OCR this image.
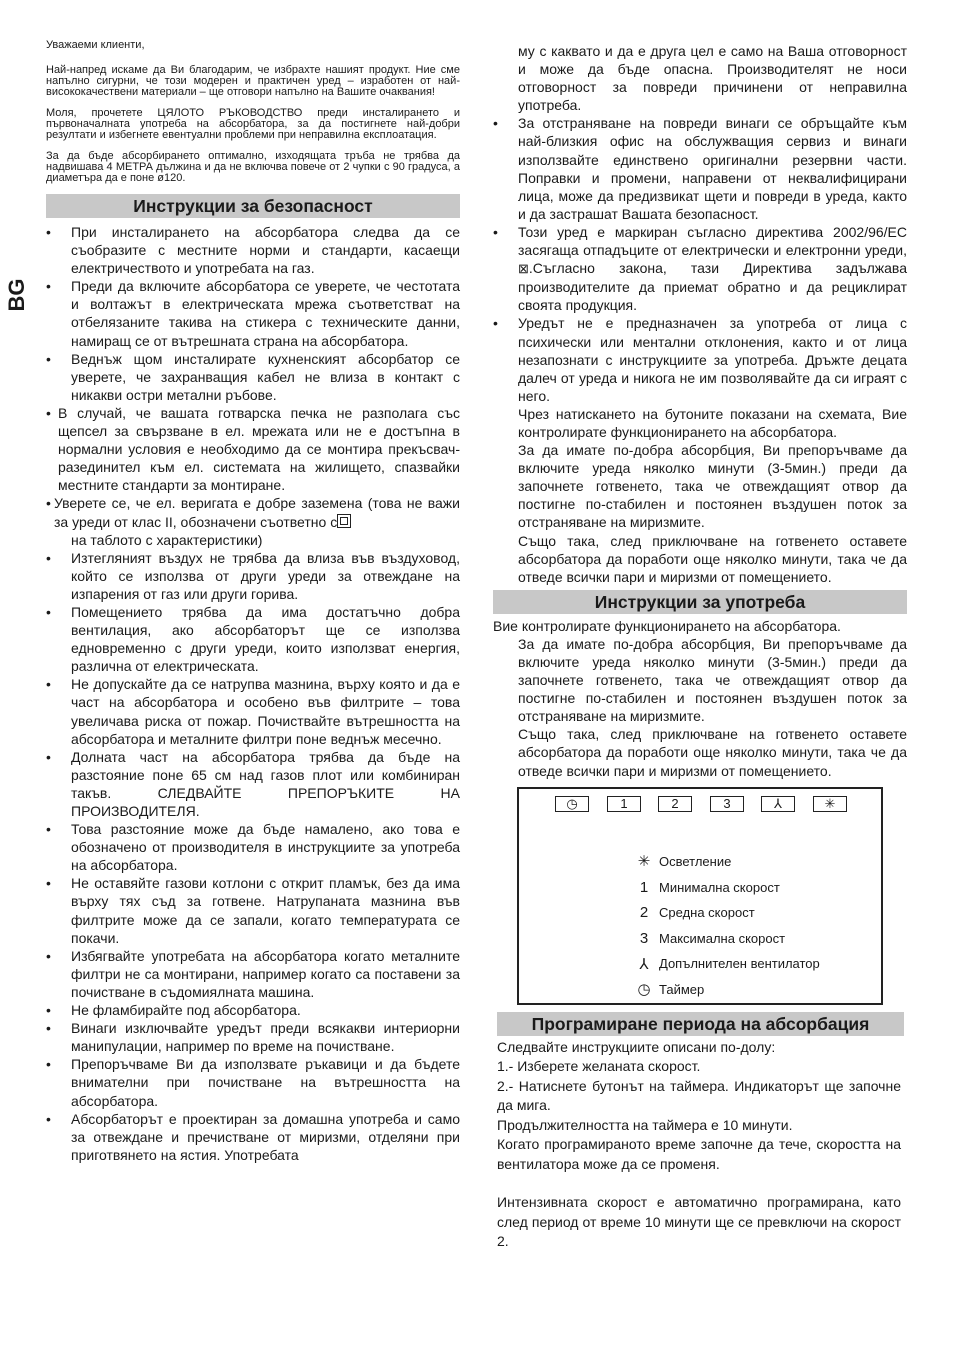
BG

Уважаеми клиенти,

Най-напред искаме да Ви благодарим, че избрахте нашият продукт. Ние сме напълно сигурни, че този модерен и практичен уред – изработен от най-висококачествени материали – ще отговори напълно на Вашите очаквания!

Моля, прочетете ЦЯЛОТО РЪКОВОДСТВО преди инсталирането и първоначалната употреба на абсорбатора, за да постигнете най-добри резултати и избегнете евентуални проблеми при неправилна експлоатация.

За да бъде абсорбирането оптимално, изходящата тръба не трябва да надвишава 4 МЕТРА дължина и да не включва повече от 2 чупки с 90 градуса, а диаметъра да е поне ø120.

Инструкции за безопасност
• При инсталирането на абсорбатора следва да се съобразите с местните норми и стандарти, касаещи електричеството и употребата на газ.
• Преди да включите абсорбатора се уверете, че честотата и волтажът в електрическата мрежа съответстват на отбелязаните такива на стикера с техническите данни, намиращ се от вътрешната страна на абсорбатора.
• Веднъж щом инсталирате кухненският абсорбатор се уверете, че захранващия кабел не влиза в контакт с никакви остри метални ръбове.
• В случай, че вашата готварска печка не разполага със щепсел за свързване в ел. мрежата или не е достъпна в нормални условия е необходимо да се монтира прекъсвач-разединител към ел. системата на жилището, спазвайки местните стандарти за монтиране.
• Уверете се, че ел. веригата е добре заземена (това не важи за уреди от клас II, обозначени съответно с
на таблото с характеристики)
• Изтегляният въздух не трябва да влиза във въздуховод, който се използва от други уреди за отвеждане на изпарения от газ или други горива.
• Помещението трябва да има достатъчно добра вентилация, ако абсорбаторът ще се използва едновременно с други уреди, които използват енергия, различна от електрическата.
• Не допускайте да се натрупва мазнина, върху която и да е част на абсорбатора и особено във филтрите – това увеличава риска от пожар. Почиствайте вътрешността на абсорбатора и металните филтри поне веднъж месечно.
• Долната част на абсорбатора трябва да бъде на разстояние поне 65 см над газов плот или комбиниран такъв. СЛЕДВАЙТЕ ПРЕПОРЪКИТЕ НА ПРОИЗВОДИТЕЛЯ.
• Това разстояние може да бъде намалено, ако това е обозначено от производителя в инструкциите за употреба на абсорбатора.
• Не оставяйте газови котлони с открит пламък, без да има върху тях съд за готвене. Натрупаната мазнина във филтрите може да се запали, когато температурата се покачи.
• Избягвайте употребата на абсорбатора когато металните филтри не са монтирани, например когато са поставени за почистване в съдомиялната машина.
• Не фламбирайте под абсорбатора.
• Винаги изключвайте уредът преди всякакви интериорни манипулации, например по време на почистване.
• Препоръчваме Ви да използвате ръкавици и да бъдете внимателни при почистване на вътрешността на абсорбатора.
• Абсорбаторът е проектиран за домашна употреба и само за отвеждане и пречистване от миризми, отделяни при приготвянето на ястия. Употребата
му с каквато и да е друга цел е само на Ваша отговорност и може да бъде опасна. Производителят не носи отговорност за повреди причинени от неправилна употреба.
• За отстраняване на повреди винаги се обръщайте към най-близкия офис на обслужващия сервиз и винаги използвайте единствено оригинални резервни части. Поправки и промени, направени от неквалифицирани лица, може да предизвикат щети и повреди в уреда, както и да застрашат Вашата безопасност.
• Този уред е маркиран съгласно директива 2002/96/EC засягаща отпадъците от електрически и електронни уреди, ⊠.Съгласно закона, тази Директива задължава производителите да приемат обратно и да рециклират своята продукция.
• Уредът не е предназначен за употреба от лица с психически или ментални отклонения, както и от лица незапознати с инструкциите за употреба. Дръжте децата далеч от уреда и никога не им позволявайте да си играят с него.

Чрез натискането на бутоните показани на схемата, Вие контролирате функционирането на абсорбатора.

За да имате по-добра абсорбция, Ви препоръчваме да включите уреда няколко минути (3-5мин.) преди да започнете готвенето, така че отвеждащият отвор да постигне по-стабилен и постоянен въздушен поток за отстраняване на миризмите.

Също така, след приключване на готвенето оставете абсорбатора да поработи още няколко минути, така че да отведе всички пари и миризми от помещението.

Инструкции за употреба

Вие контролирате функционирането на абсорбатора.

За да имате по-добра абсорбция, Ви препоръчваме да включите уреда няколко минути (3-5мин.) преди да започнете готвенето, така че отвеждащият отвор да постигне по-стабилен и постоянен въздушен поток за отстраняване на миризмите.

Също така, след приключване на готвенето оставете абсорбатора да поработи още няколко минути, така че да отведе всички пари и миризми от помещението.

◷	1	2	3	⅄	✳
✳ Осветление
1 Минимална скорост
2 Средна скорост
3 Максимална скорост
⅄ Допълнителен вентилатор
◷ Таймер
Програмиране периода на абсорбация

Следвайте инструкциите описани по-долу:

1.- Изберете желаната скорост.

2.- Натиснете бутонът на таймера. Индикаторът ще започне да мига.

Продължителността на таймера е 10 минути.

Когато програмираното време започне да тече, скоростта на вентилатора може да се променя.

Интензивната скорост е автоматично програмирана, като след период от време 10 минути ще се превключи на скорост 2.
